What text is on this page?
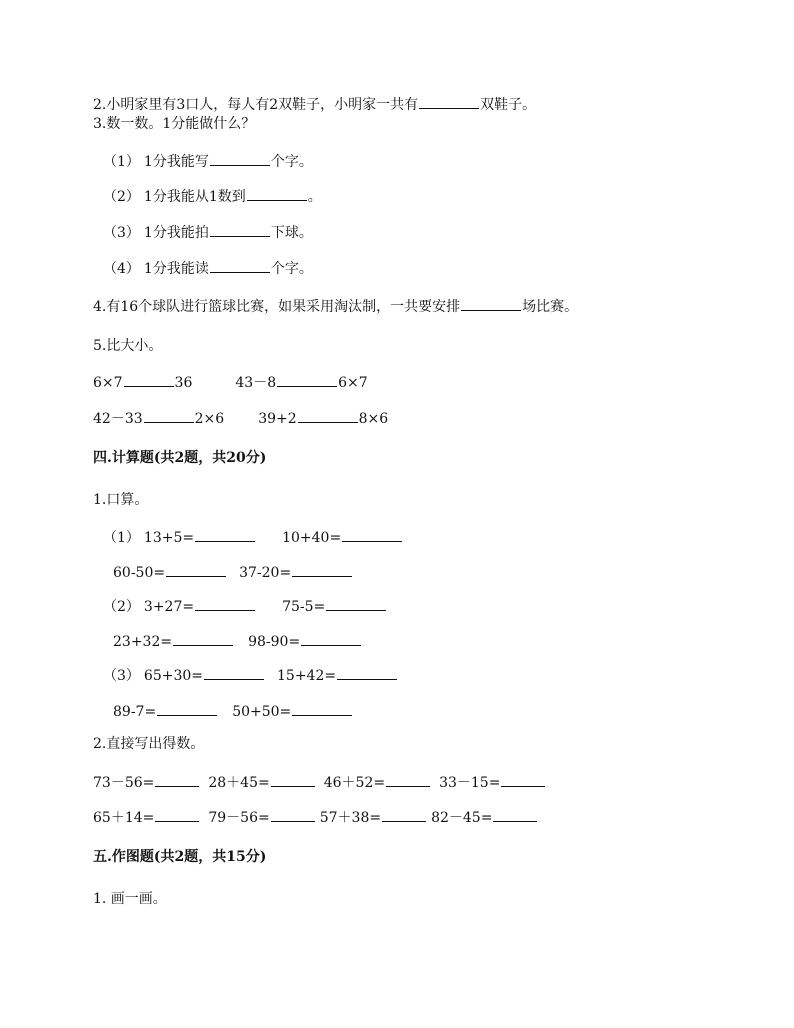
2.小明家里有3口人，每人有2双鞋子，小明家一共有	双鞋子。
3.数一数。1分能做什么？
（1） 1分我能写	个字。
（2） 1分我能从1数到	。
（3） 1分我能拍	下球。
（4） 1分我能读	个字。
4.有16个球队进行篮球比赛，如果采用淘汰制，一共要安排	场比赛。
5.比大小。
6×7	36	43－8	6×7
42－33	2×6 39+2	8×6
四.计算题(共2题，共20分)
1.口算。
（1） 13+5=	10+40=
60-50=	37-20=
（2） 3+27=	75-5=
23+32=	98-90=
（3） 65+30=	15+42=
89-7=	50+50=
2.直接写出得数。
73－56=	28＋45=	46＋52=	33－15=
65＋14=	79－56=	57＋38=	82－45=
五.作图题(共2题，共15分)
1. 画一画。
